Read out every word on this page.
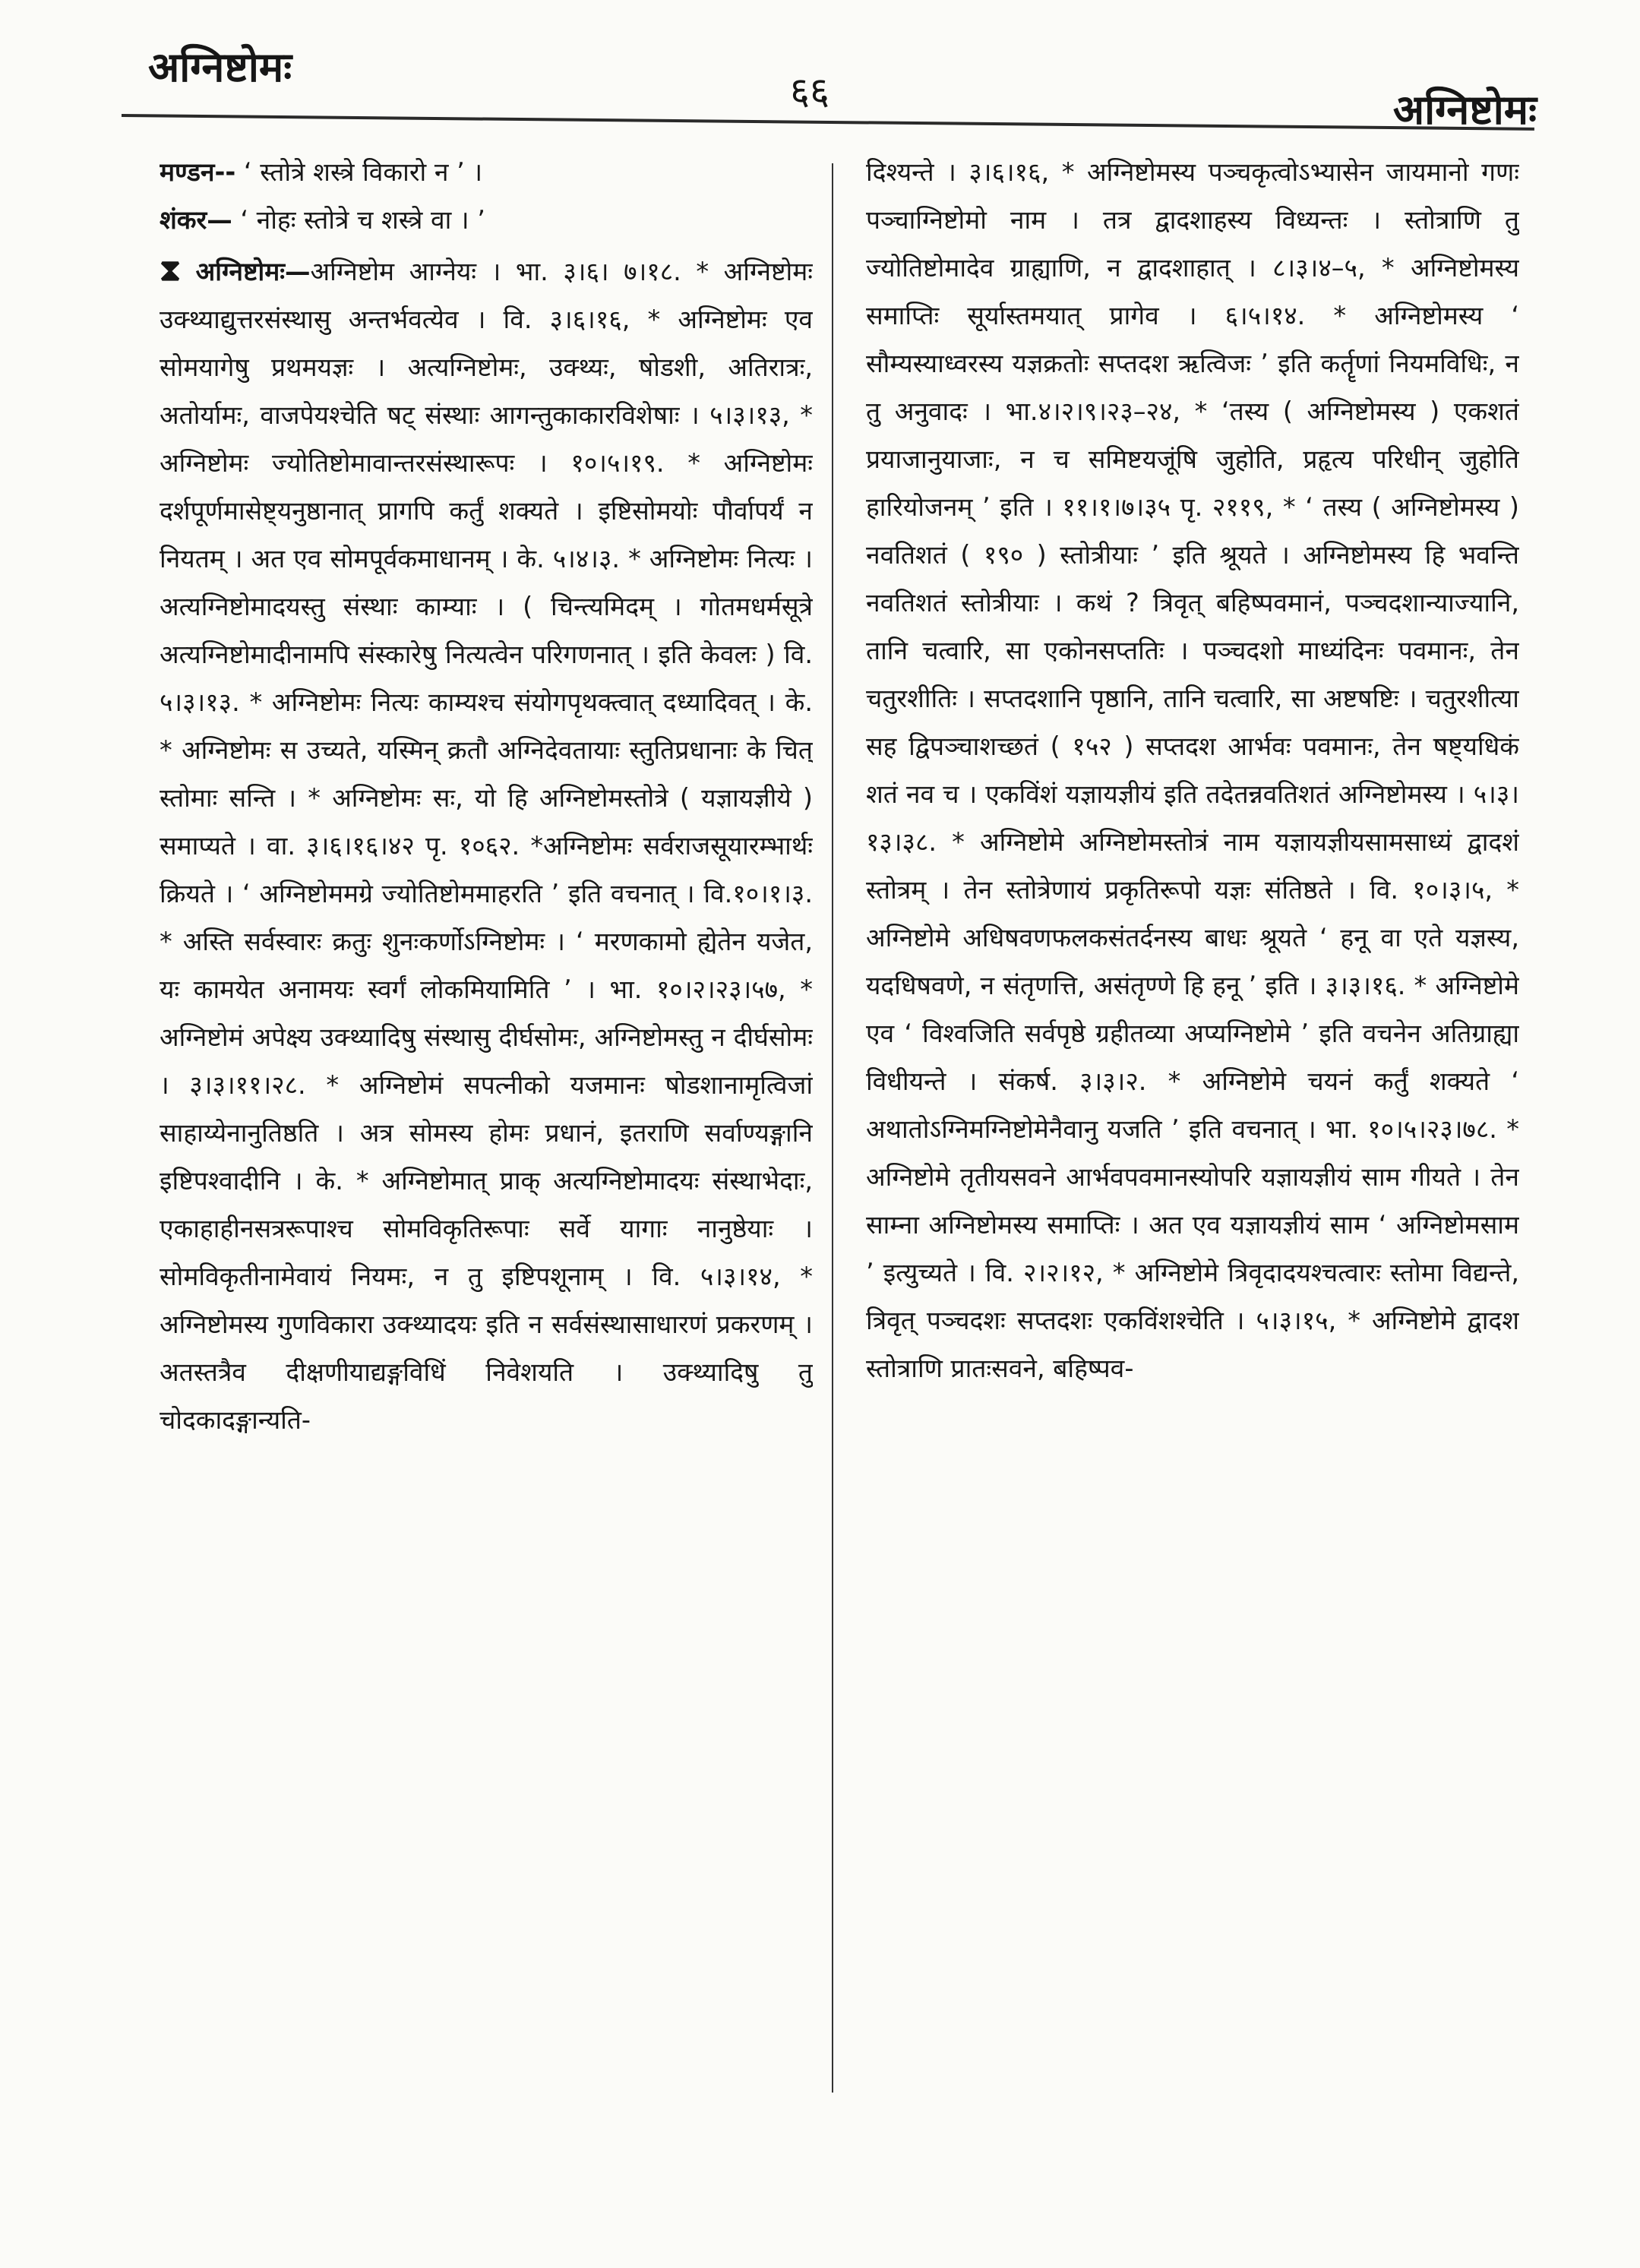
अग्निष्टोमः	६६	अग्निष्टोमः
मण्डन-- ‘ स्तोत्रे शस्त्रे विकारो न ’ ।
शंकर— ‘ नोहः स्तोत्रे च शस्त्रे वा । ’
⧗ अग्निष्टोमः—अग्निष्टोम आग्नेयः । भा. ३।६। ७।१८. * अग्निष्टोमः उक्थ्याद्युत्तरसंस्थासु अन्तर्भवत्येव । वि. ३।६।१६, * अग्निष्टोमः एव सोमयागेषु प्रथमयज्ञः । अत्यग्निष्टोमः, उक्थ्यः, षोडशी, अतिरात्रः, अतोर्यामः, वाजपेयश्चेति षट् संस्थाः आगन्तुकाकारविशेषाः । ५।३।१३, * अग्निष्टोमः ज्योतिष्टोमावान्तरसंस्थारूपः । १०।५।१९. * अग्निष्टोमः दर्शपूर्णमासेष्ट्यनुष्ठानात् प्रागपि कर्तुं शक्यते । इष्टिसोमयोः पौर्वापर्यं न नियतम् । अत एव सोमपूर्वकमाधानम् । के. ५।४।३. * अग्निष्टोमः नित्यः । अत्यग्निष्टोमादयस्तु संस्थाः काम्याः । ( चिन्त्यमिदम् । गोतमधर्मसूत्रे अत्यग्निष्टोमादीनामपि संस्कारेषु नित्यत्वेन परिगणनात् । इति केवलः ) वि. ५।३।१३. * अग्निष्टोमः नित्यः काम्यश्च संयोगपृथक्त्वात् दध्यादिवत् । के. * अग्निष्टोमः स उच्यते, यस्मिन् क्रतौ अग्निदेवतायाः स्तुतिप्रधानाः के चित् स्तोमाः सन्ति । * अग्निष्टोमः सः, यो हि अग्निष्टोमस्तोत्रे ( यज्ञायज्ञीये ) समाप्यते । वा. ३।६।१६।४२ पृ. १०६२. *अग्निष्टोमः सर्वराजसूयारम्भार्थः क्रियते । ‘ अग्निष्टोममग्रे ज्योतिष्टोममाहरति ’ इति वचनात् । वि.१०।१।३. * अस्ति सर्वस्वारः क्रतुः शुनःकर्णोऽग्निष्टोमः । ‘ मरणकामो ह्येतेन यजेत, यः कामयेत अनामयः स्वर्गं लोकमियामिति ’ । भा. १०।२।२३।५७, * अग्निष्टोमं अपेक्ष्य उक्थ्यादिषु संस्थासु दीर्घसोमः, अग्निष्टोमस्तु न दीर्घसोमः । ३।३।११।२८. * अग्निष्टोमं सपत्नीको यजमानः षोडशानामृत्विजां साहाय्येनानुतिष्ठति । अत्र सोमस्य होमः प्रधानं, इतराणि सर्वाण्यङ्गानि इष्टिपश्वादीनि । के. * अग्निष्टोमात् प्राक् अत्यग्निष्टोमादयः संस्थाभेदाः, एकाहाहीनसत्ररूपाश्च सोमविकृतिरूपाः सर्वे यागाः नानुष्ठेयाः । सोमविकृतीनामेवायं नियमः, न तु इष्टिपशूनाम् । वि. ५।३।१४, * अग्निष्टोमस्य गुणविकारा उक्थ्यादयः इति न सर्वसंस्थासाधारणं प्रकरणम् । अतस्तत्रैव दीक्षणीयाद्यङ्गविधिं निवेशयति । उक्थ्यादिषु तु चोदकादङ्गान्यति-
दिश्यन्ते । ३।६।१६, * अग्निष्टोमस्य पञ्चकृत्वोऽभ्यासेन जायमानो गणः पञ्चाग्निष्टोमो नाम । तत्र द्वादशाहस्य विध्यन्तः । स्तोत्राणि तु ज्योतिष्टोमादेव ग्राह्याणि, न द्वादशाहात् । ८।३।४–५, * अग्निष्टोमस्य समाप्तिः सूर्यास्तमयात् प्रागेव । ६।५।१४. * अग्निष्टोमस्य ‘ सौम्यस्याध्वरस्य यज्ञक्रतोः सप्तदश ऋत्विजः ’ इति कर्तॄणां नियमविधिः, न तु अनुवादः । भा.४।२।९।२३–२४, * ‘तस्य ( अग्निष्टोमस्य ) एकशतं प्रयाजानुयाजाः, न च समिष्टयजूंषि जुहोति, प्रहृत्य परिधीन् जुहोति हारियोजनम् ’ इति । ११।१।७।३५ पृ. २११९, * ‘ तस्य ( अग्निष्टोमस्य ) नवतिशतं ( १९० ) स्तोत्रीयाः ’ इति श्रूयते । अग्निष्टोमस्य हि भवन्ति नवतिशतं स्तोत्रीयाः । कथं ? त्रिवृत् बहिष्पवमानं, पञ्चदशान्याज्यानि, तानि चत्वारि, सा एकोनसप्ततिः । पञ्चदशो माध्यंदिनः पवमानः, तेन चतुरशीतिः । सप्तदशानि पृष्ठानि, तानि चत्वारि, सा अष्टषष्टिः । चतुरशीत्या सह द्विपञ्चाशच्छतं ( १५२ ) सप्तदश आर्भवः पवमानः, तेन षष्ट्यधिकं शतं नव च । एकविंशं यज्ञायज्ञीयं इति तदेतन्नवतिशतं अग्निष्टोमस्य । ५।३।१३।३८. * अग्निष्टोमे अग्निष्टोमस्तोत्रं नाम यज्ञायज्ञीयसामसाध्यं द्वादशं स्तोत्रम् । तेन स्तोत्रेणायं प्रकृतिरूपो यज्ञः संतिष्ठते । वि. १०।३।५, * अग्निष्टोमे अधिषवणफलकसंतर्दनस्य बाधः श्रूयते ‘ हनू वा एते यज्ञस्य, यदधिषवणे, न संतृणत्ति, असंतृण्णे हि हनू ’ इति । ३।३।१६. * अग्निष्टोमे एव ‘ विश्वजिति सर्वपृष्ठे ग्रहीतव्या अप्यग्निष्टोमे ’ इति वचनेन अतिग्राह्या विधीयन्ते । संकर्ष. ३।३।२. * अग्निष्टोमे चयनं कर्तुं शक्यते ‘ अथातोऽग्निमग्निष्टोमेनैवानु यजति ’ इति वचनात् । भा. १०।५।२३।७८. * अग्निष्टोमे तृतीयसवने आर्भवपवमानस्योपरि यज्ञायज्ञीयं साम गीयते । तेन साम्ना अग्निष्टोमस्य समाप्तिः । अत एव यज्ञायज्ञीयं साम ‘ अग्निष्टोमसाम ’ इत्युच्यते । वि. २।२।१२, * अग्निष्टोमे त्रिवृदादयश्चत्वारः स्तोमा विद्यन्ते, त्रिवृत् पञ्चदशः सप्तदशः एकविंशश्चेति । ५।३।१५, * अग्निष्टोमे द्वादश स्तोत्राणि प्रातःसवने, बहिष्पव-
